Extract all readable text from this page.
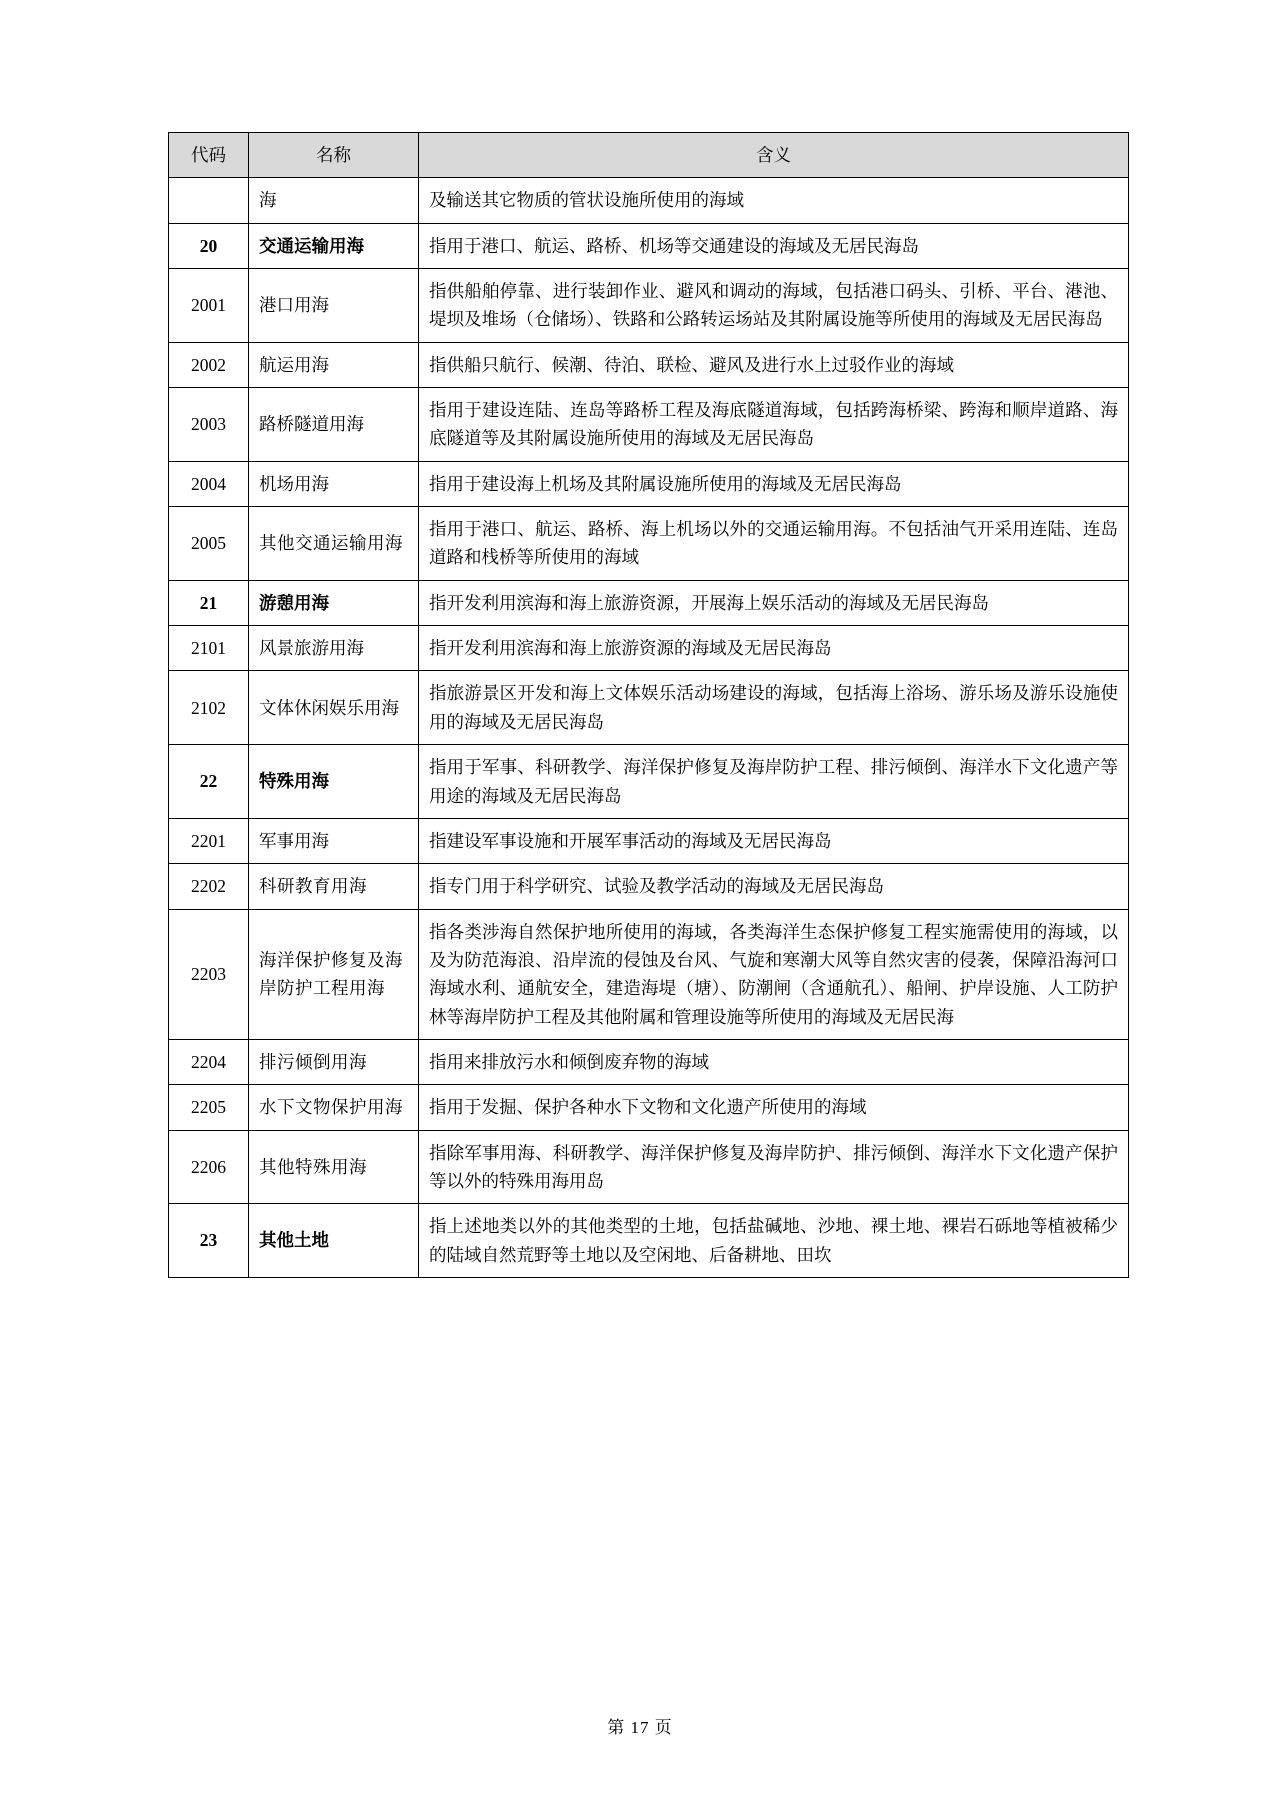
代码	名称	含义
	海	及输送其它物质的管状设施所使用的海域
20	交通运输用海	指用于港口、航运、路桥、机场等交通建设的海域及无居民海岛
2001	港口用海	指供船舶停靠、进行装卸作业、避风和调动的海域，包括港口码头、引桥、平台、港池、堤坝及堆场（仓储场）、铁路和公路转运场站及其附属设施等所使用的海域及无居民海岛
2002	航运用海	指供船只航行、候潮、待泊、联检、避风及进行水上过驳作业的海域
2003	路桥隧道用海	指用于建设连陆、连岛等路桥工程及海底隧道海域，包括跨海桥梁、跨海和顺岸道路、海底隧道等及其附属设施所使用的海域及无居民海岛
2004	机场用海	指用于建设海上机场及其附属设施所使用的海域及无居民海岛
2005	其他交通运输用海	指用于港口、航运、路桥、海上机场以外的交通运输用海。不包括油气开采用连陆、连岛道路和栈桥等所使用的海域
21	游憩用海	指开发利用滨海和海上旅游资源，开展海上娱乐活动的海域及无居民海岛
2101	风景旅游用海	指开发利用滨海和海上旅游资源的海域及无居民海岛
2102	文体休闲娱乐用海	指旅游景区开发和海上文体娱乐活动场建设的海域，包括海上浴场、游乐场及游乐设施使用的海域及无居民海岛
22	特殊用海	指用于军事、科研教学、海洋保护修复及海岸防护工程、排污倾倒、海洋水下文化遗产等用途的海域及无居民海岛
2201	军事用海	指建设军事设施和开展军事活动的海域及无居民海岛
2202	科研教育用海	指专门用于科学研究、试验及教学活动的海域及无居民海岛
2203	海洋保护修复及海岸防护工程用海	指各类涉海自然保护地所使用的海域，各类海洋生态保护修复工程实施需使用的海域，以及为防范海浪、沿岸流的侵蚀及台风、气旋和寒潮大风等自然灾害的侵袭，保障沿海河口海域水利、通航安全，建造海堤（塘）、防潮闸（含通航孔）、船闸、护岸设施、人工防护林等海岸防护工程及其他附属和管理设施等所使用的海域及无居民海
2204	排污倾倒用海	指用来排放污水和倾倒废弃物的海域
2205	水下文物保护用海	指用于发掘、保护各种水下文物和文化遗产所使用的海域
2206	其他特殊用海	指除军事用海、科研教学、海洋保护修复及海岸防护、排污倾倒、海洋水下文化遗产保护等以外的特殊用海用岛
23	其他土地	指上述地类以外的其他类型的土地，包括盐碱地、沙地、裸土地、裸岩石砾地等植被稀少的陆域自然荒野等土地以及空闲地、后备耕地、田坎
第 17 页
